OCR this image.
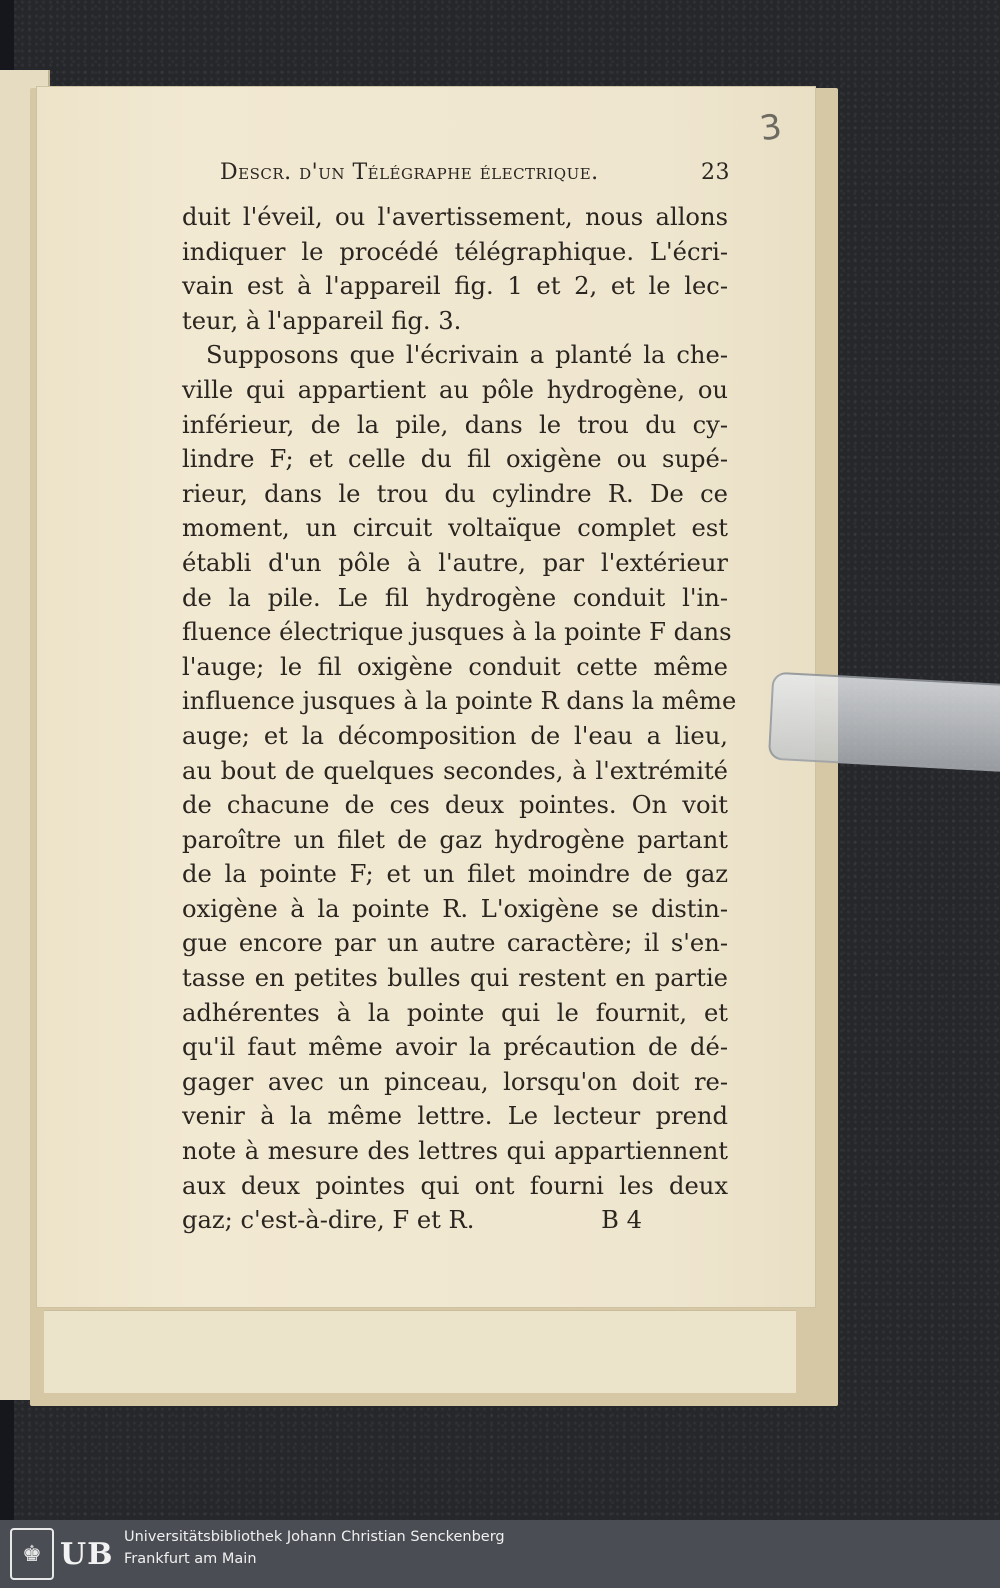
3
Descr. d'un Télégraphe électrique.	23
duit l'éveil, ou l'avertissement, nous allons
indiquer le procédé télégraphique. L'écri-
vain est à l'appareil fig. 1 et 2, et le lec-
teur, à l'appareil fig. 3.
Supposons que l'écrivain a planté la che-
ville qui appartient au pôle hydrogène, ou
inférieur, de la pile, dans le trou du cy-
lindre F; et celle du fil oxigène ou supé-
rieur, dans le trou du cylindre R. De ce
moment, un circuit voltaïque complet est
établi d'un pôle à l'autre, par l'extérieur
de la pile. Le fil hydrogène conduit l'in-
fluence électrique jusques à la pointe F dans
l'auge; le fil oxigène conduit cette même
influence jusques à la pointe R dans la même
auge; et la décomposition de l'eau a lieu,
au bout de quelques secondes, à l'extrémité
de chacune de ces deux pointes. On voit
paroître un filet de gaz hydrogène partant
de la pointe F; et un filet moindre de gaz
oxigène à la pointe R. L'oxigène se distin-
gue encore par un autre caractère; il s'en-
tasse en petites bulles qui restent en partie
adhérentes à la pointe qui le fournit, et
qu'il faut même avoir la précaution de dé-
gager avec un pinceau, lorsqu'on doit re-
venir à la même lettre. Le lecteur prend
note à mesure des lettres qui appartiennent
aux deux pointes qui ont fourni les deux
gaz; c'est-à-dire, F et R.	B 4
♚ UB Universitätsbibliothek Johann Christian Senckenberg
Frankfurt am Main
